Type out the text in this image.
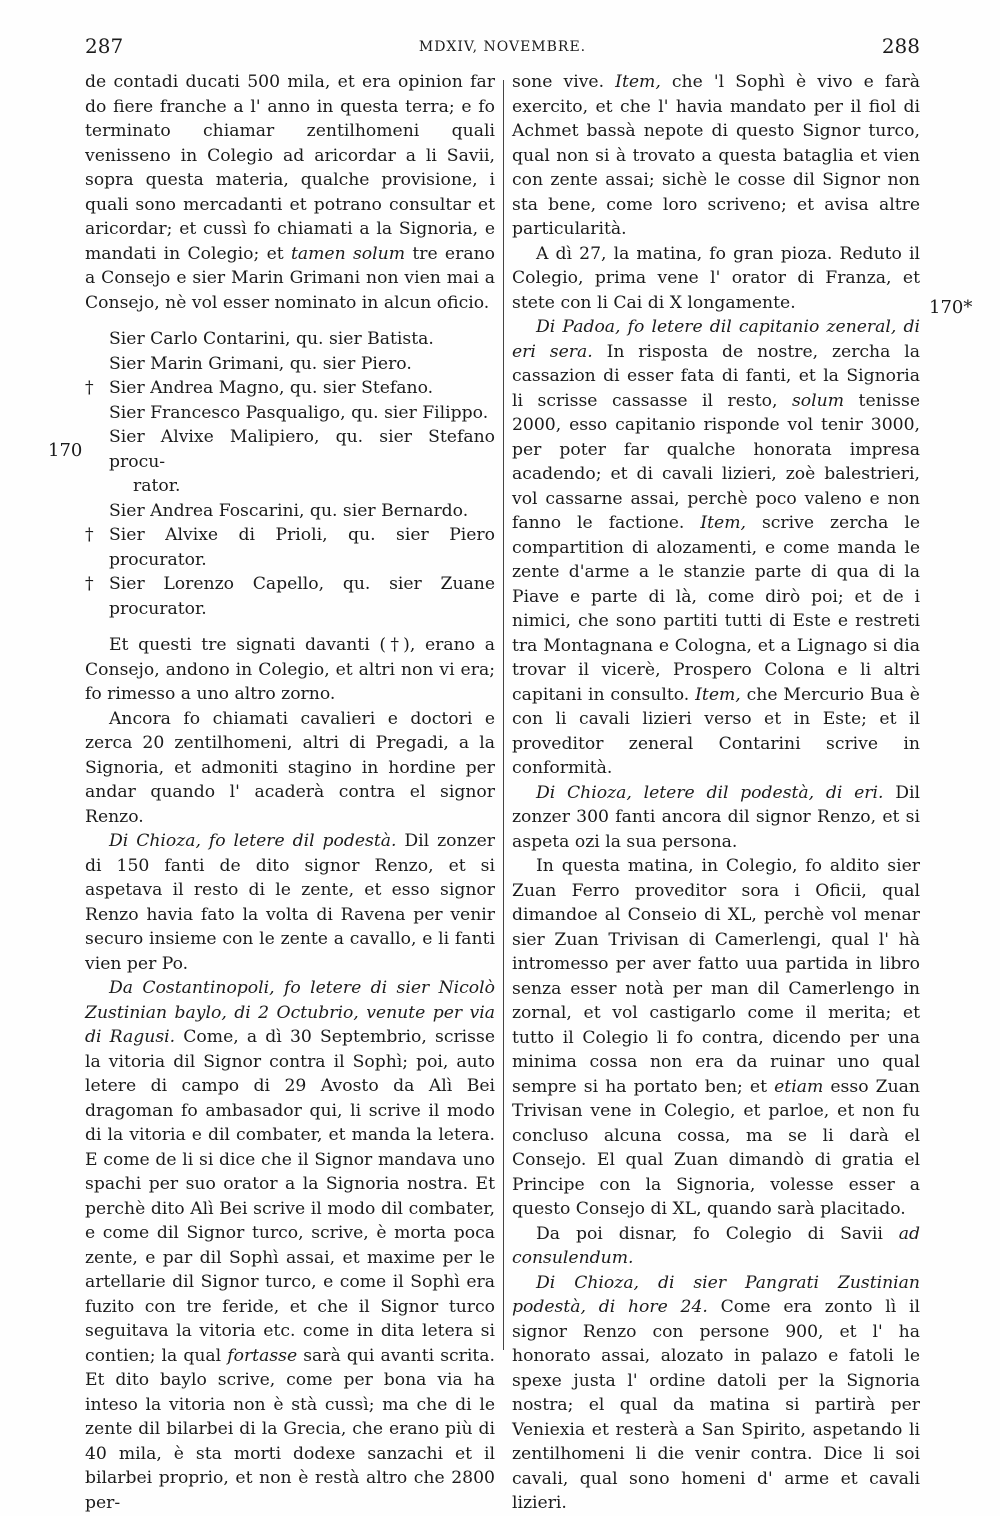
287	MDXIV, NOVEMBRE.	288
170
170*

de contadi ducati 500 mila, et era opinion far do fiere franche a l' anno in questa terra; e fo terminato chiamar zentilhomeni quali venisseno in Colegio ad aricordar a li Savii, sopra questa materia, qualche provisione, i quali sono mercadanti et potrano consultar et aricordar; et cussì fo chiamati a la Signoria, e mandati in Colegio; et tamen solum tre erano a Consejo e sier Marin Grimani non vien mai a Consejo, nè vol esser nominato in alcun oficio.

Sier Carlo Contarini, qu. sier Batista.
Sier Marin Grimani, qu. sier Piero.
† Sier Andrea Magno, qu. sier Stefano.
Sier Francesco Pasqualigo, qu. sier Filippo.
Sier Alvixe Malipiero, qu. sier Stefano procu-
rator.
Sier Andrea Foscarini, qu. sier Bernardo.
† Sier Alvixe di Prioli, qu. sier Piero procurator.
† Sier Lorenzo Capello, qu. sier Zuane procurator.

Et questi tre signati davanti (†), erano a Consejo, andono in Colegio, et altri non vi era; fo rimesso a uno altro zorno.

Ancora fo chiamati cavalieri e doctori e zerca 20 zentilhomeni, altri di Pregadi, a la Signoria, et admoniti stagino in hordine per andar quando l' acaderà contra el signor Renzo.

Di Chioza, fo letere dil podestà. Dil zonzer di 150 fanti de dito signor Renzo, et si aspetava il resto di le zente, et esso signor Renzo havia fato la volta di Ravena per venir securo insieme con le zente a cavallo, e li fanti vien per Po.

Da Costantinopoli, fo letere di sier Nicolò Zustinian baylo, di 2 Octubrio, venute per via di Ragusi. Come, a dì 30 Septembrio, scrisse la vitoria dil Signor contra il Sophì; poi, auto letere di campo di 29 Avosto da Alì Bei dragoman fo ambasador qui, li scrive il modo di la vitoria e dil combater, et manda la letera. E come de li si dice che il Signor mandava uno spachi per suo orator a la Signoria nostra. Et perchè dito Alì Bei scrive il modo dil combater, e come dil Signor turco, scrive, è morta poca zente, e par dil Sophì assai, et maxime per le artellarie dil Signor turco, e come il Sophì era fuzito con tre feride, et che il Signor turco seguitava la vitoria etc. come in dita letera si contien; la qual fortasse sarà qui avanti scrita. Et dito baylo scrive, come per bona via ha inteso la vitoria non è stà cussì; ma che di le zente dil bilarbei di la Grecia, che erano più di 40 mila, è sta morti dodexe sanzachi et il bilarbei proprio, et non è restà altro che 2800 per-

sone vive. Item, che 'l Sophì è vivo e farà exercito, et che l' havia mandato per il fiol di Achmet bassà nepote di questo Signor turco, qual non si à trovato a questa bataglia et vien con zente assai; sichè le cosse dil Signor non sta bene, come loro scriveno; et avisa altre particularità.

A dì 27, la matina, fo gran pioza. Reduto il Colegio, prima vene l' orator di Franza, et stete con li Cai di X longamente.

Di Padoa, fo letere dil capitanio zeneral, di eri sera. In risposta de nostre, zercha la cassazion di esser fata di fanti, et la Signoria li scrisse cassasse il resto, solum tenisse 2000, esso capitanio risponde vol tenir 3000, per poter far qualche honorata impresa acadendo; et di cavali lizieri, zoè balestrieri, vol cassarne assai, perchè poco valeno e non fanno le factione. Item, scrive zercha le compartition di alozamenti, e come manda le zente d'arme a le stanzie parte di qua di la Piave e parte di là, come dirò poi; et de i nimici, che sono partiti tutti di Este e restreti tra Montagnana e Cologna, et a Lignago si dia trovar il vicerè, Prospero Colona e li altri capitani in consulto. Item, che Mercurio Bua è con li cavali lizieri verso et in Este; et il proveditor zeneral Contarini scrive in conformità.

Di Chioza, letere dil podestà, di eri. Dil zonzer 300 fanti ancora dil signor Renzo, et si aspeta ozi la sua persona.

In questa matina, in Colegio, fo aldito sier Zuan Ferro proveditor sora i Oficii, qual dimandoe al Conseio di XL, perchè vol menar sier Zuan Trivisan di Camerlengi, qual l' hà intromesso per aver fatto uua partida in libro senza esser notà per man dil Camerlengo in zornal, et vol castigarlo come il merita; et tutto il Colegio li fo contra, dicendo per una minima cossa non era da ruinar uno qual sempre si ha portato ben; et etiam esso Zuan Trivisan vene in Colegio, et parloe, et non fu concluso alcuna cossa, ma se li darà el Consejo. El qual Zuan dimandò di gratia el Principe con la Signoria, volesse esser a questo Consejo di XL, quando sarà placitado.

Da poi disnar, fo Colegio di Savii ad consulendum.

Di Chioza, di sier Pangrati Zustinian podestà, di hore 24. Come era zonto lì il signor Renzo con persone 900, et l' ha honorato assai, alozato in palazo e fatoli le spexe justa l' ordine datoli per la Signoria nostra; el qual da matina si partirà per Veniexia et resterà a San Spirito, aspetando li zentilhomeni li die venir contra. Dice li soi cavali, qual sono homeni d' arme et cavali lizieri.
